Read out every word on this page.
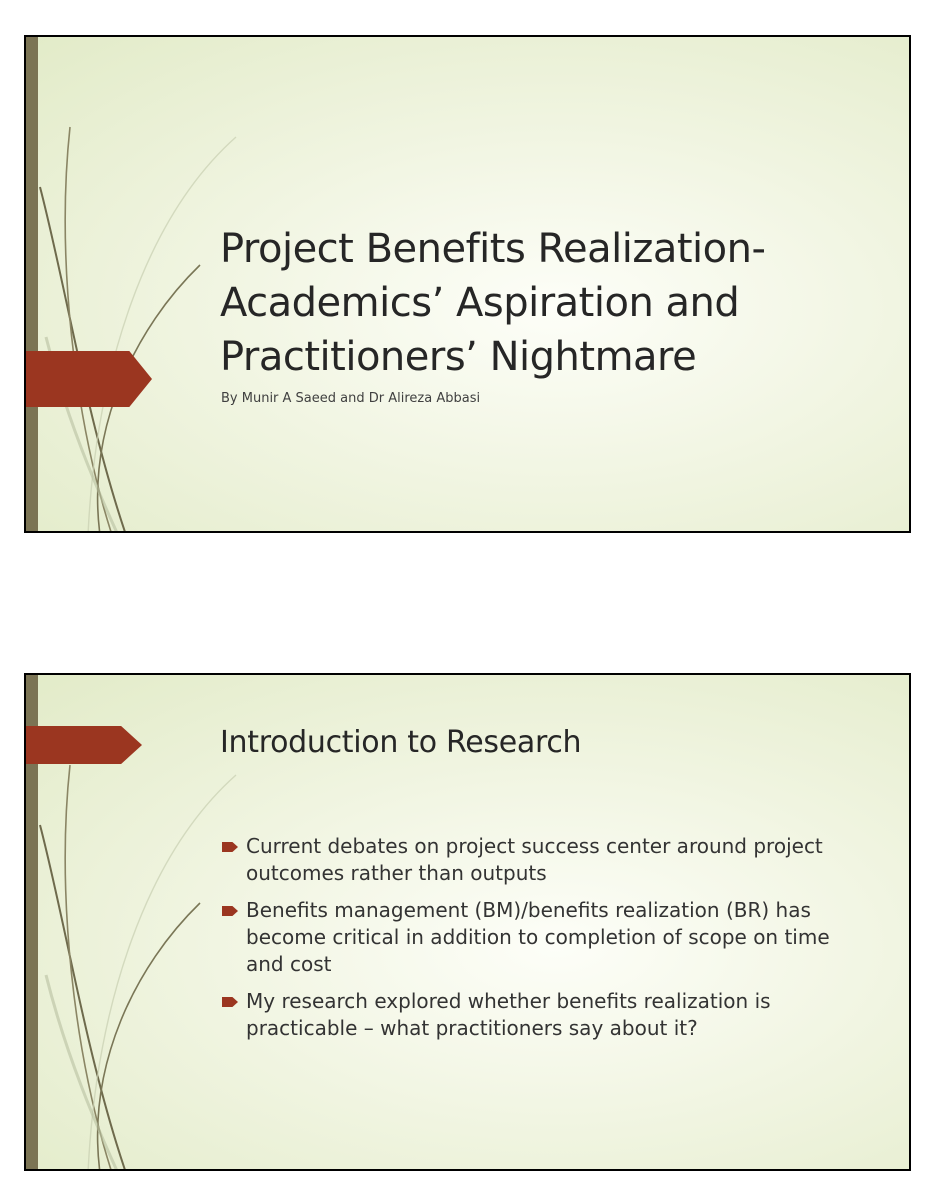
Project Benefits Realization-
Academics’ Aspiration and
Practitioners’ Nightmare

By Munir A Saeed and Dr Alireza Abbasi

Introduction to Research
Current debates on project success center around project outcomes rather than outputs
Benefits management (BM)/benefits realization (BR) has become critical in addition to completion of scope on time and cost
My research explored whether benefits realization is practicable – what practitioners say about it?
